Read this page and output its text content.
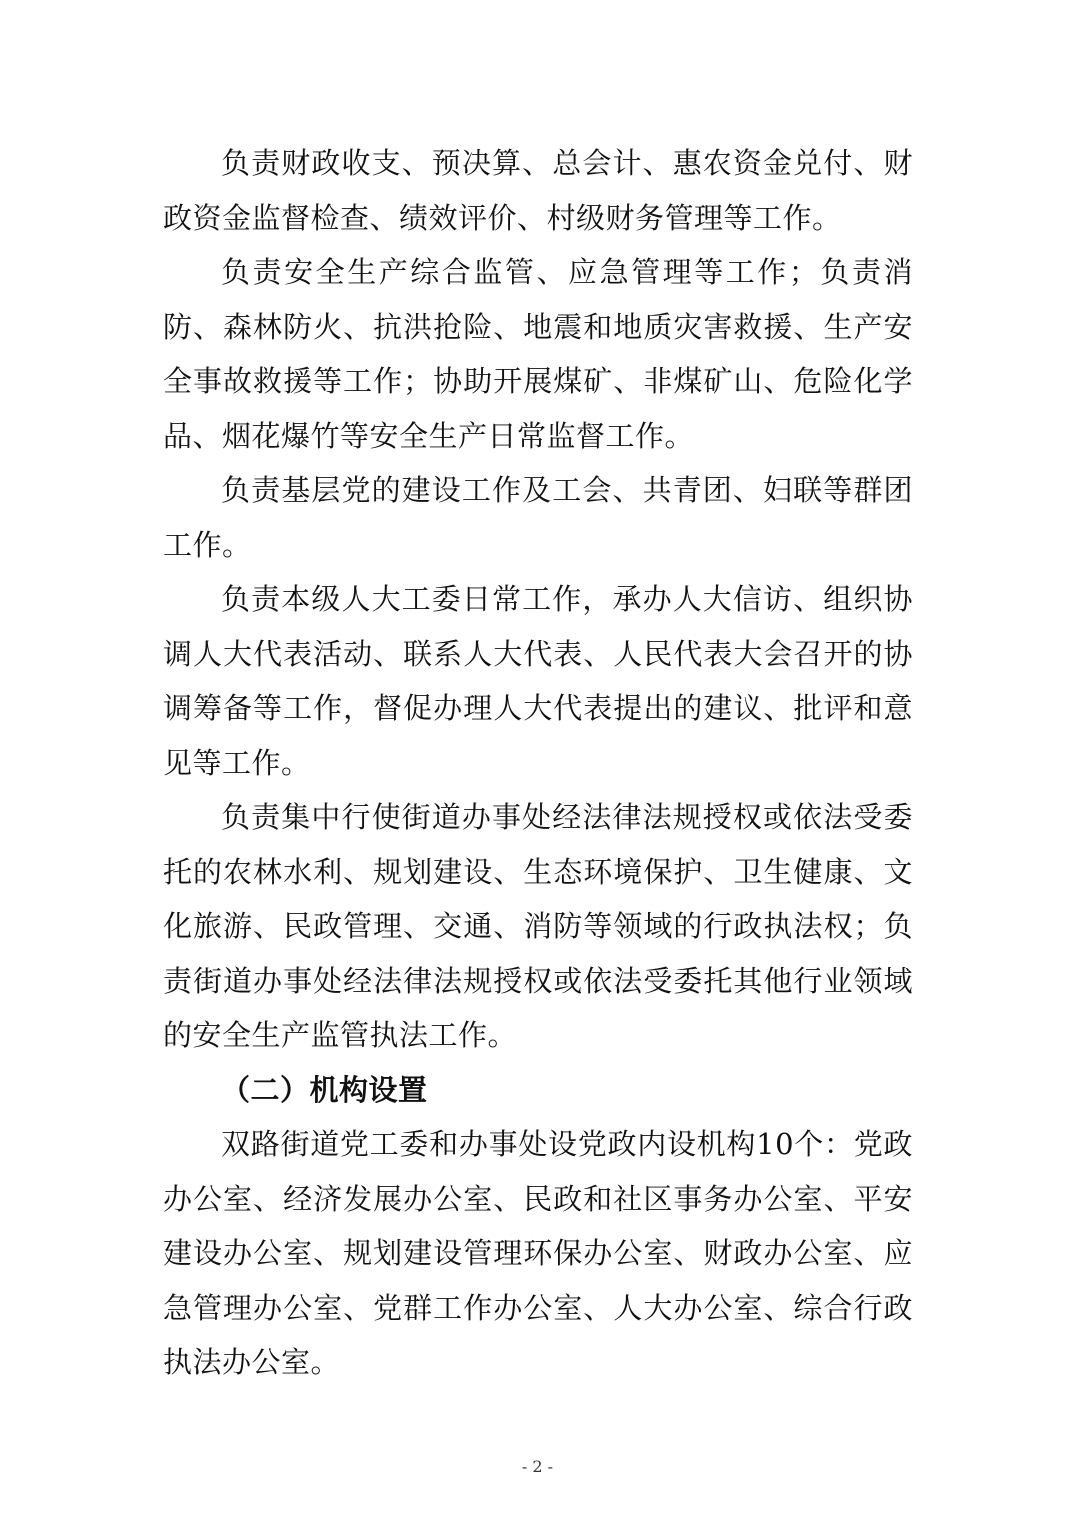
负责财政收支、预决算、总会计、惠农资金兑付、财政资金监督检查、绩效评价、村级财务管理等工作。

负责安全生产综合监管、应急管理等工作；负责消防、森林防火、抗洪抢险、地震和地质灾害救援、生产安全事故救援等工作；协助开展煤矿、非煤矿山、危险化学品、烟花爆竹等安全生产日常监督工作。

负责基层党的建设工作及工会、共青团、妇联等群团工作。

负责本级人大工委日常工作，承办人大信访、组织协调人大代表活动、联系人大代表、人民代表大会召开的协调筹备等工作，督促办理人大代表提出的建议、批评和意见等工作。

负责集中行使街道办事处经法律法规授权或依法受委托的农林水利、规划建设、生态环境保护、卫生健康、文化旅游、民政管理、交通、消防等领域的行政执法权；负责街道办事处经法律法规授权或依法受委托其他行业领域的安全生产监管执法工作。

（二）机构设置

双路街道党工委和办事处设党政内设机构10个：党政办公室、经济发展办公室、民政和社区事务办公室、平安建设办公室、规划建设管理环保办公室、财政办公室、应急管理办公室、党群工作办公室、人大办公室、综合行政执法办公室。

- 2 -
